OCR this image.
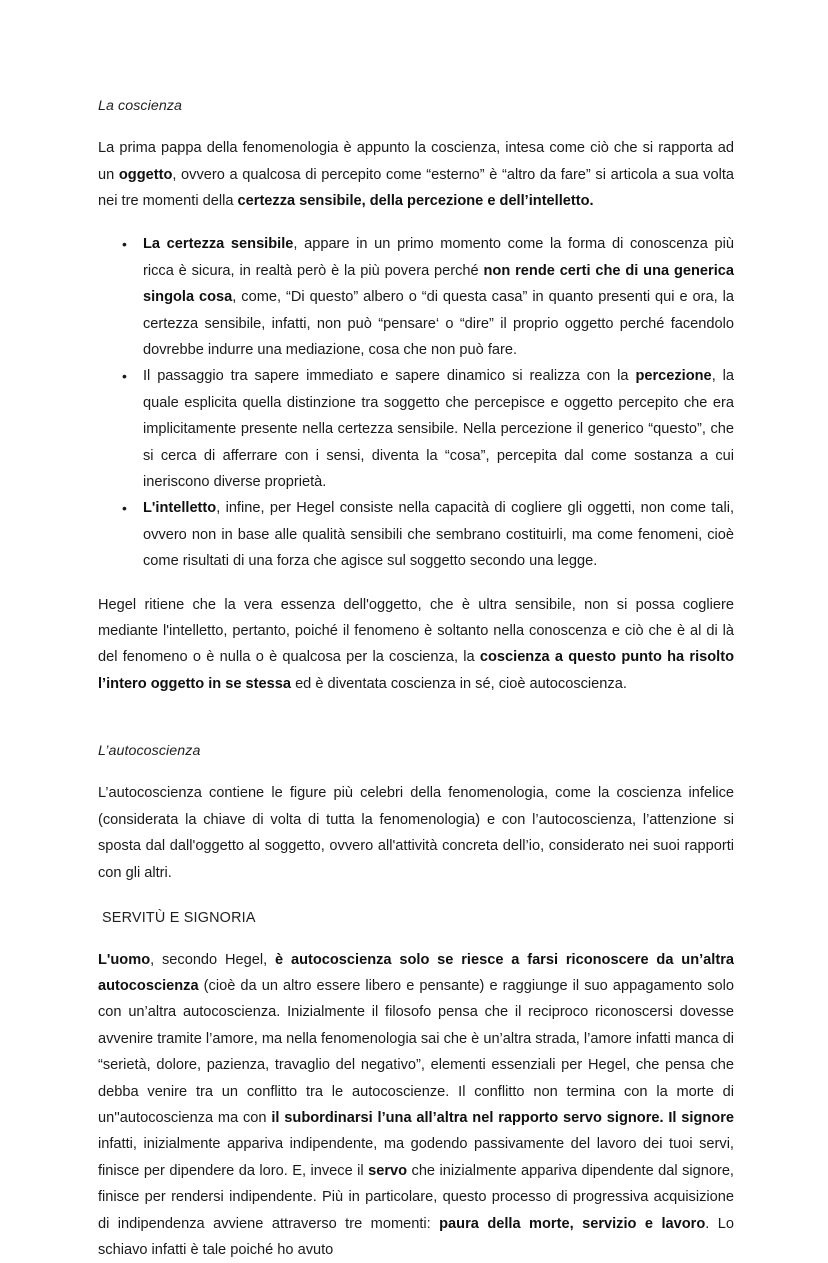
La coscienza

La prima pappa della fenomenologia è appunto la coscienza, intesa come ciò che si rapporta ad un oggetto, ovvero a qualcosa di percepito come “esterno” è “altro da fare” si articola a sua volta nei tre momenti della certezza sensibile, della percezione e dell’intelletto.

• La certezza sensibile, appare in un primo momento come la forma di conoscenza più ricca è sicura, in realtà però è la più povera perché non rende certi che di una generica singola cosa, come, “Di questo” albero o “di questa casa” in quanto presenti qui e ora, la certezza sensibile, infatti, non può “pensare‘ o “dire” il proprio oggetto perché facendolo dovrebbe indurre una mediazione, cosa che non può fare.
• Il passaggio tra sapere immediato e sapere dinamico si realizza con la percezione, la quale esplicita quella distinzione tra soggetto che percepisce e oggetto percepito che era implicitamente presente nella certezza sensibile. Nella percezione il generico “questo”, che si cerca di afferrare con i sensi, diventa la “cosa”, percepita dal come sostanza a cui ineriscono diverse proprietà.
• L'intelletto, infine, per Hegel consiste nella capacità di cogliere gli oggetti, non come tali, ovvero non in base alle qualità sensibili che sembrano costituirli, ma come fenomeni, cioè come risultati di una forza che agisce sul soggetto secondo una legge.

Hegel ritiene che la vera essenza dell'oggetto, che è ultra sensibile, non si possa cogliere mediante l'intelletto, pertanto, poiché il fenomeno è soltanto nella conoscenza e ciò che è al di là del fenomeno o è nulla o è qualcosa per la coscienza, la coscienza a questo punto ha risolto l’intero oggetto in se stessa ed è diventata coscienza in sé, cioè autocoscienza.

L’autocoscienza

L’autocoscienza contiene le figure più celebri della fenomenologia, come la coscienza infelice (considerata la chiave di volta di tutta la fenomenologia) e con l’autocoscienza, l’attenzione si sposta dal dall'oggetto al soggetto, ovvero all'attività concreta dell’io, considerato nei suoi rapporti con gli altri.

SERVITÙ E SIGNORIA

L'uomo, secondo Hegel, è autocoscienza solo se riesce a farsi riconoscere da un’altra autocoscienza (cioè da un altro essere libero e pensante) e raggiunge il suo appagamento solo con un’altra autocoscienza. Inizialmente il filosofo pensa che il reciproco riconoscersi dovesse avvenire tramite l’amore, ma nella fenomenologia sai che è un’altra strada, l’amore infatti manca di “serietà, dolore, pazienza, travaglio del negativo”, elementi essenziali per Hegel, che pensa che debba venire tra un conflitto tra le autocoscienze. Il conflitto non termina con la morte di un''autocoscienza ma con il subordinarsi l’una all’altra nel rapporto servo signore. Il signore infatti, inizialmente appariva indipendente, ma godendo passivamente del lavoro dei tuoi servi, finisce per dipendere da loro. E, invece il servo che inizialmente appariva dipendente dal signore, finisce per rendersi indipendente. Più in particolare, questo processo di progressiva acquisizione di indipendenza avviene attraverso tre momenti: paura della morte, servizio e lavoro. Lo schiavo infatti è tale poiché ho avuto
